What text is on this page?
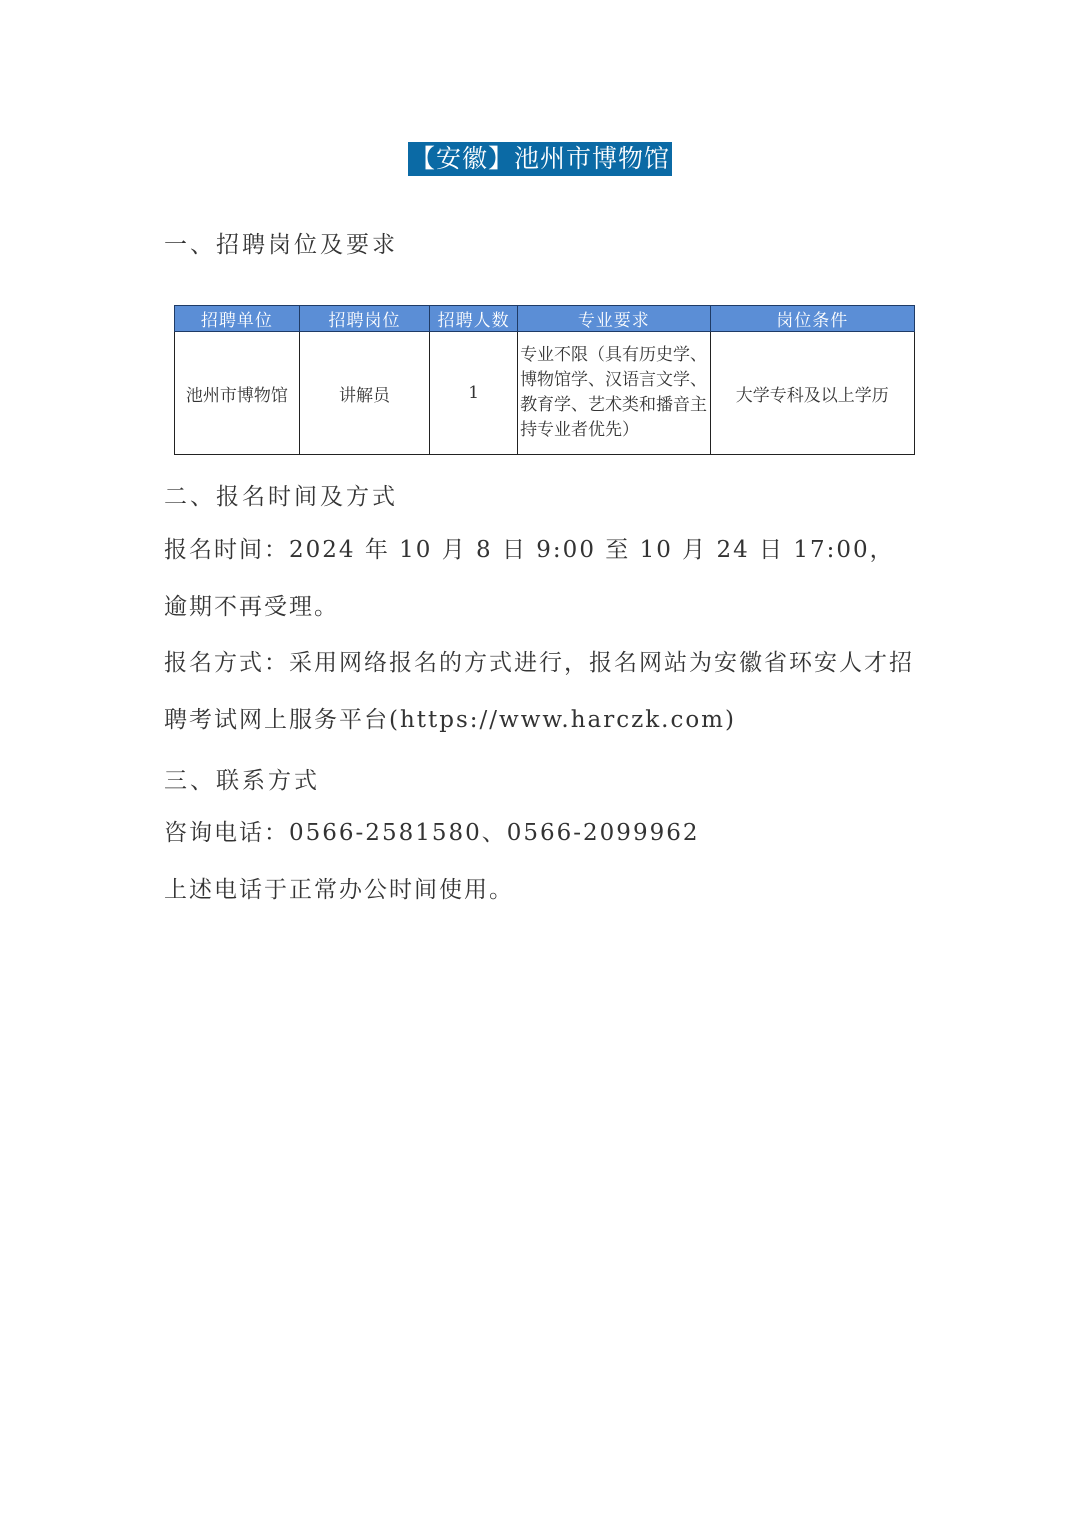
【安徽】池州市博物馆

一、招聘岗位及要求

招聘单位	招聘岗位	招聘人数	专业要求	岗位条件
池州市博物馆	讲解员	1	专业不限（具有历史学、博物馆学、汉语言文学、教育学、艺术类和播音主持专业者优先）	大学专科及以上学历

二、报名时间及方式

报名时间：2024 年 10 月 8 日 9:00 至 10 月 24 日 17:00，逾期不再受理。

报名方式：采用网络报名的方式进行，报名网站为安徽省环安人才招聘考试网上服务平台(https://www.harczk.com)

三、联系方式

咨询电话：0566-2581580、0566-2099962

上述电话于正常办公时间使用。
